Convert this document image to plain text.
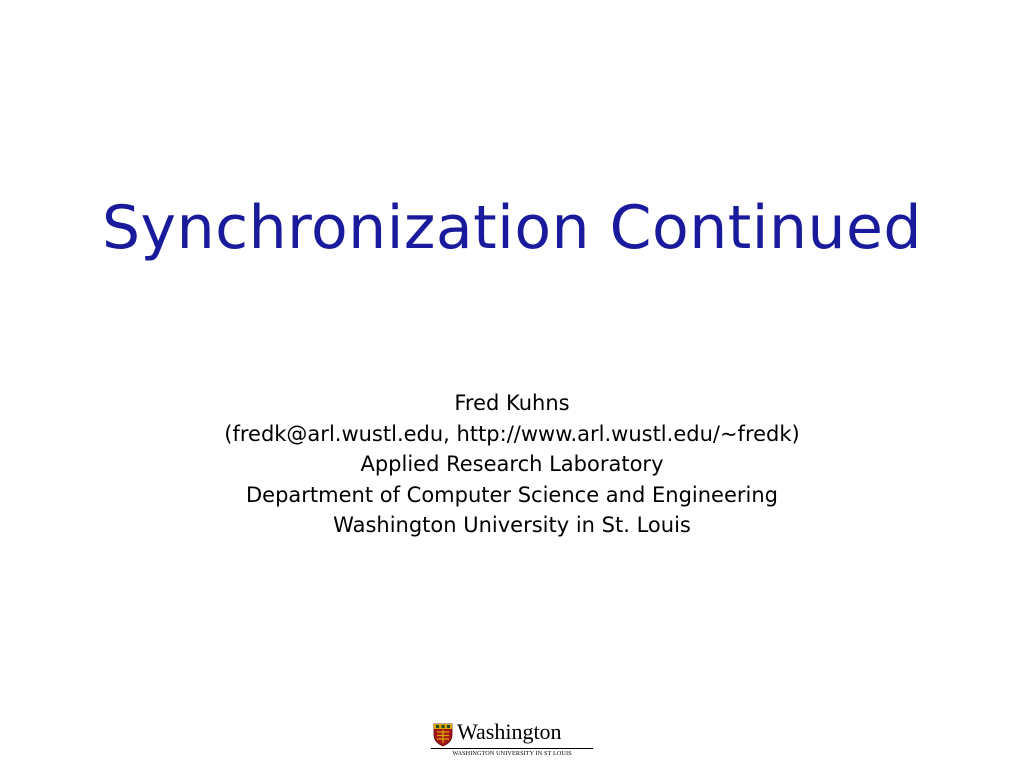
Synchronization Continued
Fred Kuhns
(fredk@arl.wustl.edu, http://www.arl.wustl.edu/~fredk)
Applied Research Laboratory
Department of Computer Science and Engineering
Washington University in St. Louis
Washington
WASHINGTON UNIVERSITY IN ST LOUIS
